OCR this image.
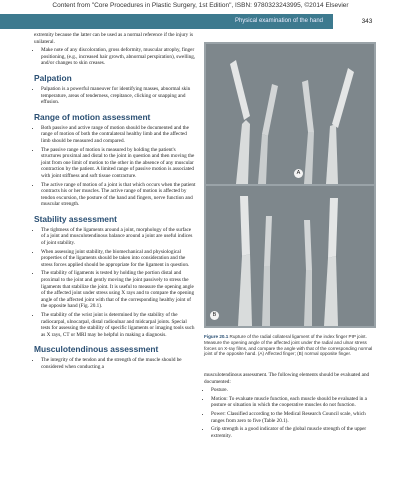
Content from "Core Procedures in Plastic Surgery, 1st Edition", ISBN: 9780323243995, ©2014 Elsevier
Physical examination of the hand	343

extremity because the latter can be used as a normal reference if the injury is unilateral.

• Make note of any discoloration, gross deformity, muscular atrophy, finger positioning, (e.g., increased hair growth, abnormal perspiration), swelling, and/or changes to skin creases.
Palpation
• Palpation is a powerful maneuver for identifying masses, abnormal skin temperature, areas of tenderness, crepitance, clicking or snapping and effusion.
Range of motion assessment
• Both passive and active range of motion should be documented and the range of motion of both the contralateral healthy limb and the affected limb should be measured and compared.
• The passive range of motion is measured by holding the patient's structures proximal and distal to the joint in question and then moving the joint from one limit of motion to the other in the absence of any muscular contraction by the patient. A limited range of passive motion is associated with joint stiffness and soft tissue contracture.
• The active range of motion of a joint is that which occurs when the patient contracts his or her muscles. The active range of motion is affected by tendon excursion, the posture of the hand and fingers, nerve function and muscular strength.
Stability assessment
• The tightness of the ligaments around a joint, morphology of the surface of a joint and musculotendinous balance around a joint are useful indices of joint stability.
• When assessing joint stability, the biomechanical and physiological properties of the ligaments should be taken into consideration and the stress forces applied should be appropriate for the ligament in question.
• The stability of ligaments is tested by holding the portion distal and proximal to the joint and gently moving the joint passively to stress the ligaments that stabilize the joint. It is useful to measure the opening angle of the affected joint under stress using X rays and to compare the opening angle of the affected joint with that of the corresponding healthy joint of the opposite hand (Fig. 20.1).
• The stability of the wrist joint is determined by the stability of the radiocarpal, ulnocarpal, distal radioulnar and midcarpal joints. Special tests for assessing the stability of specific ligaments or imaging tools such as X rays, CT or MRI may be helpful in making a diagnosis.
Musculotendinous assessment
• The integrity of the tendon and the strength of the muscle should be considered when conducting a
A
B
Figure 20.1 Rupture of the radial collateral ligament of the index finger PIP joint. Measure the opening angle of the affected joint under the radial and ulnar stress forces on X-ray films, and compare the angle with that of the corresponding normal joint of the opposite hand. (A) Affected finger; (B) normal opposite finger.

musculotendinous assessment. The following elements should be evaluated and documented:

• Posture.
• Motion: To evaluate muscle function, each muscle should be evaluated in a posture or situation in which the cooperative muscles do not function.
• Power: Classified according to the Medical Research Council scale, which ranges from zero to five (Table 20.1).
• Grip strength is a good indicator of the global muscle strength of the upper extremity.
